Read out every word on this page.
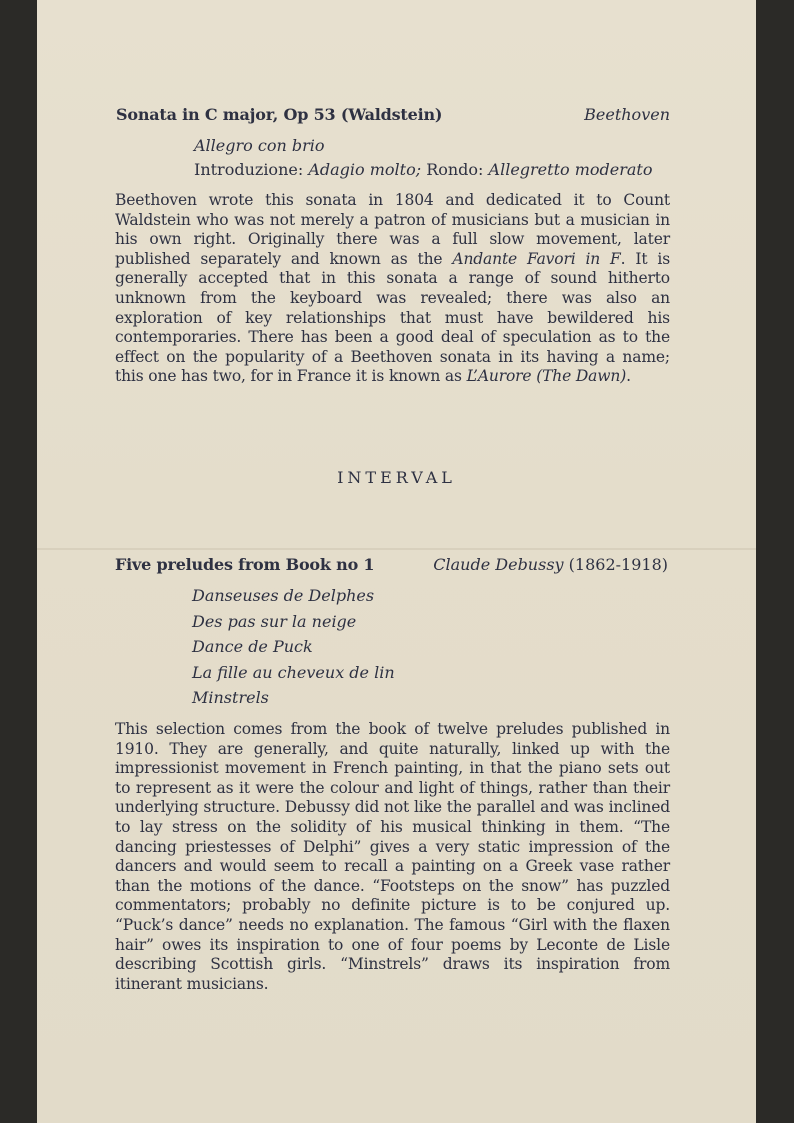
Sonata in C major, Op 53 (Waldstein)	Beethoven
Allegro con brio
Introduzione: Adagio molto; Rondo: Allegretto moderato
Beethoven wrote this sonata in 1804 and dedicated it to Count Waldstein who was not merely a patron of musicians but a musician in his own right. Originally there was a full slow movement, later published separately and known as the Andante Favori in F. It is generally accepted that in this sonata a range of sound hitherto unknown from the keyboard was revealed; there was also an exploration of key relationships that must have bewildered his contemporaries. There has been a good deal of speculation as to the effect on the popularity of a Beethoven sonata in its having a name; this one has two, for in France it is known as L’Aurore (The Dawn).
INTERVAL
Five preludes from Book no 1	Claude Debussy (1862-1918)
Danseuses de Delphes
Des pas sur la neige
Dance de Puck
La fille au cheveux de lin
Minstrels
This selection comes from the book of twelve preludes published in 1910. They are generally, and quite naturally, linked up with the impressionist movement in French painting, in that the piano sets out to represent as it were the colour and light of things, rather than their underlying structure. Debussy did not like the parallel and was inclined to lay stress on the solidity of his musical thinking in them. “The dancing priestesses of Delphi” gives a very static impression of the dancers and would seem to recall a painting on a Greek vase rather than the motions of the dance. “Footsteps on the snow” has puzzled commentators; probably no definite picture is to be conjured up. “Puck’s dance” needs no explanation. The famous “Girl with the flaxen hair” owes its inspiration to one of four poems by Leconte de Lisle describing Scottish girls. “Minstrels” draws its inspiration from itinerant musicians.
